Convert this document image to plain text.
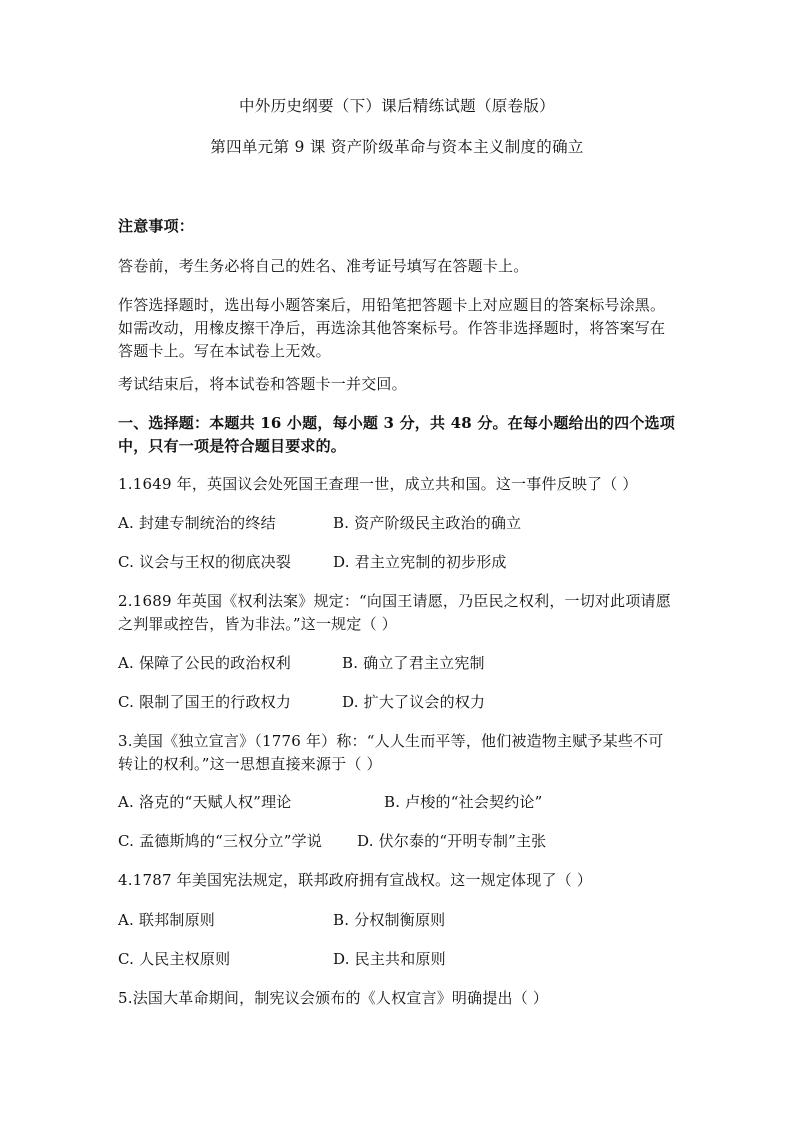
中外历史纲要（下）课后精练试题（原卷版）
第四单元第 9 课 资产阶级革命与资本主义制度的确立
注意事项：
答卷前，考生务必将自己的姓名、准考证号填写在答题卡上。
作答选择题时，选出每小题答案后，用铅笔把答题卡上对应题目的答案标号涂黑。如需改动，用橡皮擦干净后，再选涂其他答案标号。作答非选择题时，将答案写在答题卡上。写在本试卷上无效。
考试结束后，将本试卷和答题卡一并交回。
一、选择题：本题共 16 小题，每小题 3 分，共 48 分。在每小题给出的四个选项中，只有一项是符合题目要求的。
1.1649 年，英国议会处死国王查理一世，成立共和国。这一事件反映了（ ）
A. 封建专制统治的终结	B. 资产阶级民主政治的确立
C. 议会与王权的彻底决裂	D. 君主立宪制的初步形成
2.1689 年英国《权利法案》规定：“向国王请愿，乃臣民之权利，一切对此项请愿之判罪或控告，皆为非法。”这一规定（ ）
A. 保障了公民的政治权利	B. 确立了君主立宪制
C. 限制了国王的行政权力	D. 扩大了议会的权力
3.美国《独立宣言》（1776 年）称：“人人生而平等，他们被造物主赋予某些不可转让的权利。”这一思想直接来源于（ ）
A. 洛克的“天赋人权”理论	B. 卢梭的“社会契约论”
C. 孟德斯鸠的“三权分立”学说 D. 伏尔泰的“开明专制”主张
4.1787 年美国宪法规定，联邦政府拥有宣战权。这一规定体现了（ ）
A. 联邦制原则	B. 分权制衡原则
C. 人民主权原则	D. 民主共和原则
5.法国大革命期间，制宪议会颁布的《人权宣言》明确提出（ ）
